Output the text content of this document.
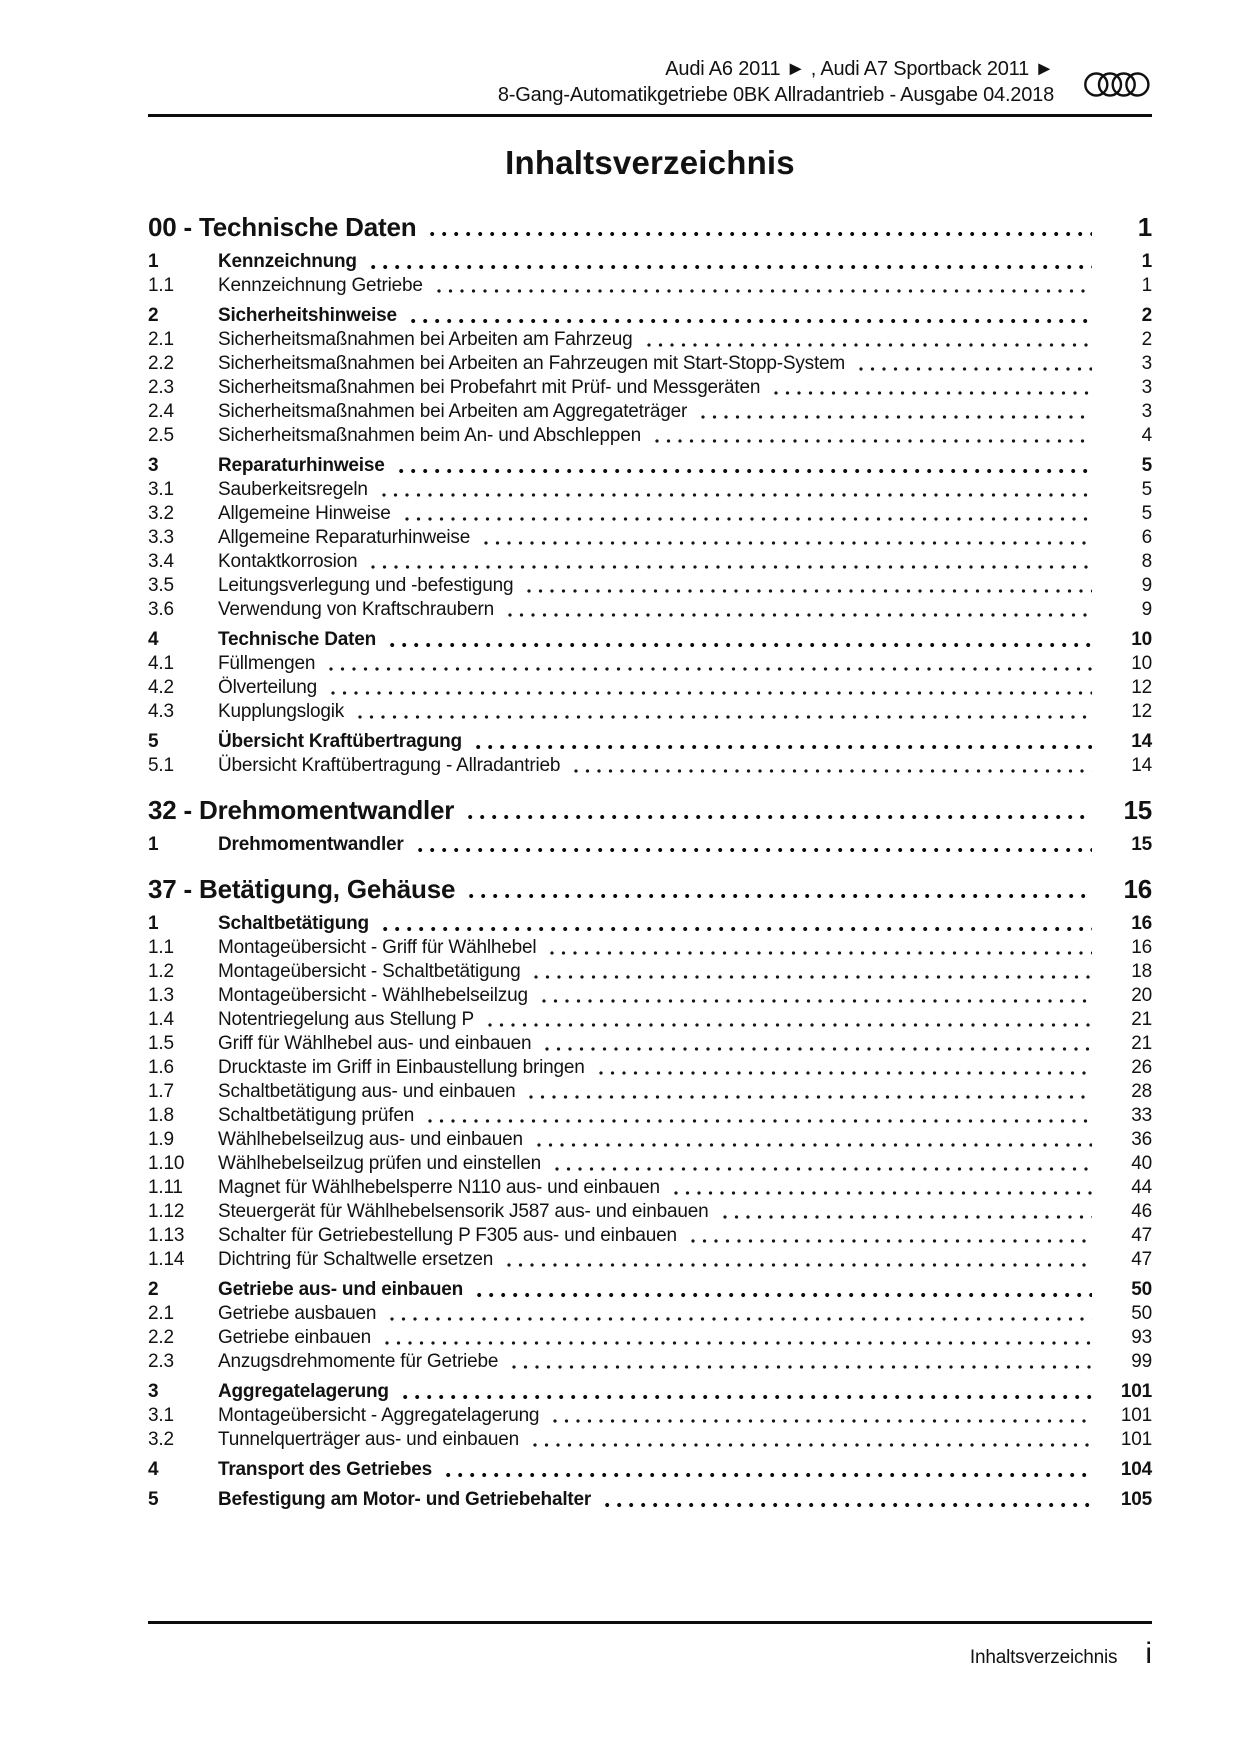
Audi A6 2011 ► , Audi A7 Sportback 2011 ►
8-Gang-Automatikgetriebe 0BK Allradantrieb - Ausgabe 04.2018
Inhaltsverzeichnis
00 - Technische Daten	1
1	Kennzeichnung	1
1.1	Kennzeichnung Getriebe	1
2	Sicherheitshinweise	2
2.1	Sicherheitsmaßnahmen bei Arbeiten am Fahrzeug	2
2.2	Sicherheitsmaßnahmen bei Arbeiten an Fahrzeugen mit Start-Stopp-System	3
2.3	Sicherheitsmaßnahmen bei Probefahrt mit Prüf- und Messgeräten	3
2.4	Sicherheitsmaßnahmen bei Arbeiten am Aggregateträger	3
2.5	Sicherheitsmaßnahmen beim An- und Abschleppen	4
3	Reparaturhinweise	5
3.1	Sauberkeitsregeln	5
3.2	Allgemeine Hinweise	5
3.3	Allgemeine Reparaturhinweise	6
3.4	Kontaktkorrosion	8
3.5	Leitungsverlegung und -befestigung	9
3.6	Verwendung von Kraftschraubern	9
4	Technische Daten	10
4.1	Füllmengen	10
4.2	Ölverteilung	12
4.3	Kupplungslogik	12
5	Übersicht Kraftübertragung	14
5.1	Übersicht Kraftübertragung - Allradantrieb	14
32 - Drehmomentwandler	15
1	Drehmomentwandler	15
37 - Betätigung, Gehäuse	16
1	Schaltbetätigung	16
1.1	Montageübersicht - Griff für Wählhebel	16
1.2	Montageübersicht - Schaltbetätigung	18
1.3	Montageübersicht - Wählhebelseilzug	20
1.4	Notentriegelung aus Stellung P	21
1.5	Griff für Wählhebel aus- und einbauen	21
1.6	Drucktaste im Griff in Einbaustellung bringen	26
1.7	Schaltbetätigung aus- und einbauen	28
1.8	Schaltbetätigung prüfen	33
1.9	Wählhebelseilzug aus- und einbauen	36
1.10	Wählhebelseilzug prüfen und einstellen	40
1.11	Magnet für Wählhebelsperre N110 aus- und einbauen	44
1.12	Steuergerät für Wählhebelsensorik J587 aus- und einbauen	46
1.13	Schalter für Getriebestellung P F305 aus- und einbauen	47
1.14	Dichtring für Schaltwelle ersetzen	47
2	Getriebe aus- und einbauen	50
2.1	Getriebe ausbauen	50
2.2	Getriebe einbauen	93
2.3	Anzugsdrehmomente für Getriebe	99
3	Aggregatelagerung	101
3.1	Montageübersicht - Aggregatelagerung	101
3.2	Tunnelquerträger aus- und einbauen	101
4	Transport des Getriebes	104
5	Befestigung am Motor- und Getriebehalter	105
Inhaltsverzeichnis i
